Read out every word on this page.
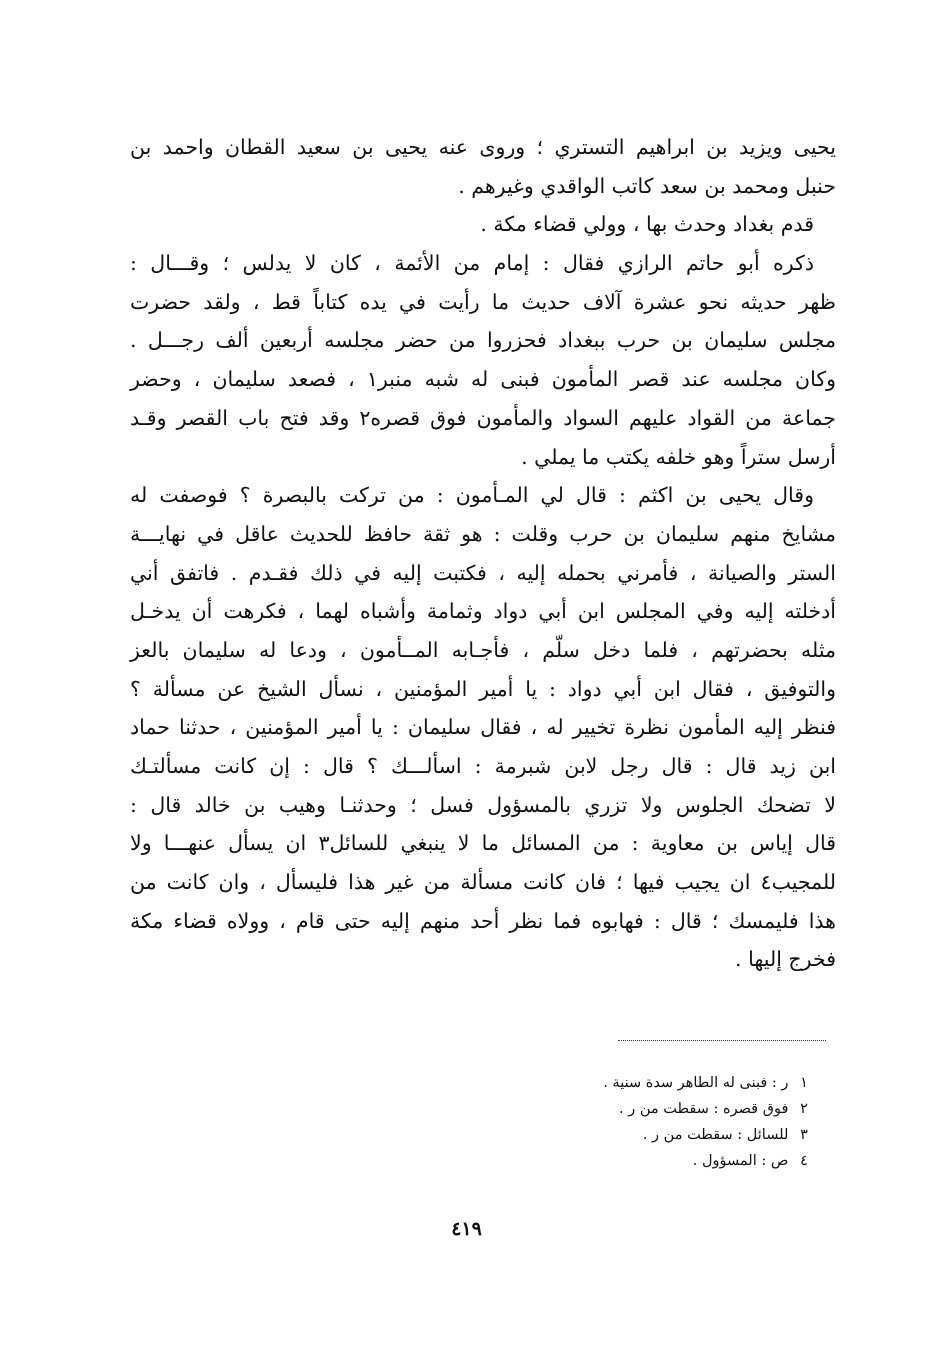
يحيى ويزيد بن ابراهيم التستري ؛ وروى عنه يحيى بن سعيد القطان واحمد بن
حنبل ومحمد بن سعد كاتب الواقدي وغيرهم .
قدم بغداد وحدث بها ، وولي قضاء مكة .
ذكره أبو حاتم الرازي فقال : إمام من الأئمة ، كان لا يدلس ؛ وقـــال :
ظهر حديثه نحو عشرة آلاف حديث ما رأيت في يده كتاباً قط ، ولقد حضرت
مجلس سليمان بن حرب ببغداد فحزروا من حضر مجلسه أربعين ألف رجـــل .
وكان مجلسه عند قصر المأمون فبنى له شبه منبر١ ، فصعد سليمان ، وحضر
جماعة من القواد عليهم السواد والمأمون فوق قصره٢ وقد فتح باب القصر وقـد
أرسل ستراً وهو خلفه يكتب ما يملي .
وقال يحيى بن اكثم : قال لي المـأمون : من تركت بالبصرة ؟ فوصفت له
مشايخ منهم سليمان بن حرب وقلت : هو ثقة حافظ للحديث عاقل في نهايـــة
الستر والصيانة ، فأمرني بحمله إليه ، فكتبت إليه في ذلك فقـدم . فاتفق أني
أدخلته إليه وفي المجلس ابن أبي دواد وثمامة وأشباه لهما ، فكرهت أن يدخـل
مثله بحضرتهم ، فلما دخل سلّم ، فأجـابه المــأمون ، ودعا له سليمان بالعز
والتوفيق ، فقال ابن أبي دواد : يا أمير المؤمنين ، نسأل الشيخ عن مسألة ؟
فنظر إليه المأمون نظرة تخيير له ، فقال سليمان : يا أمير المؤمنين ، حدثنا حماد
ابن زيد قال : قال رجل لابن شبرمة : اسألـــك ؟ قال : إن كانت مسألتـك
لا تضحك الجلوس ولا تزري بالمسؤول فسل ؛ وحدثنـا وهيب بن خالد قال :
قال إياس بن معاوية : من المسائل ما لا ينبغي للسائل٣ ان يسأل عنهـــا ولا
للمجيب٤ ان يجيب فيها ؛ فان كانت مسألة من غير هذا فليسأل ، وان كانت من
هذا فليمسك ؛ قال : فهابوه فما نظر أحد منهم إليه حتى قام ، وولاه قضاء مكة
فخرج إليها .
١ ر : فبنى له الطاهر سدة سنية .
٢ فوق قصره : سقطت من ر .
٣ للسائل : سقطت من ر .
٤ ص : المسؤول .
٤١٩
